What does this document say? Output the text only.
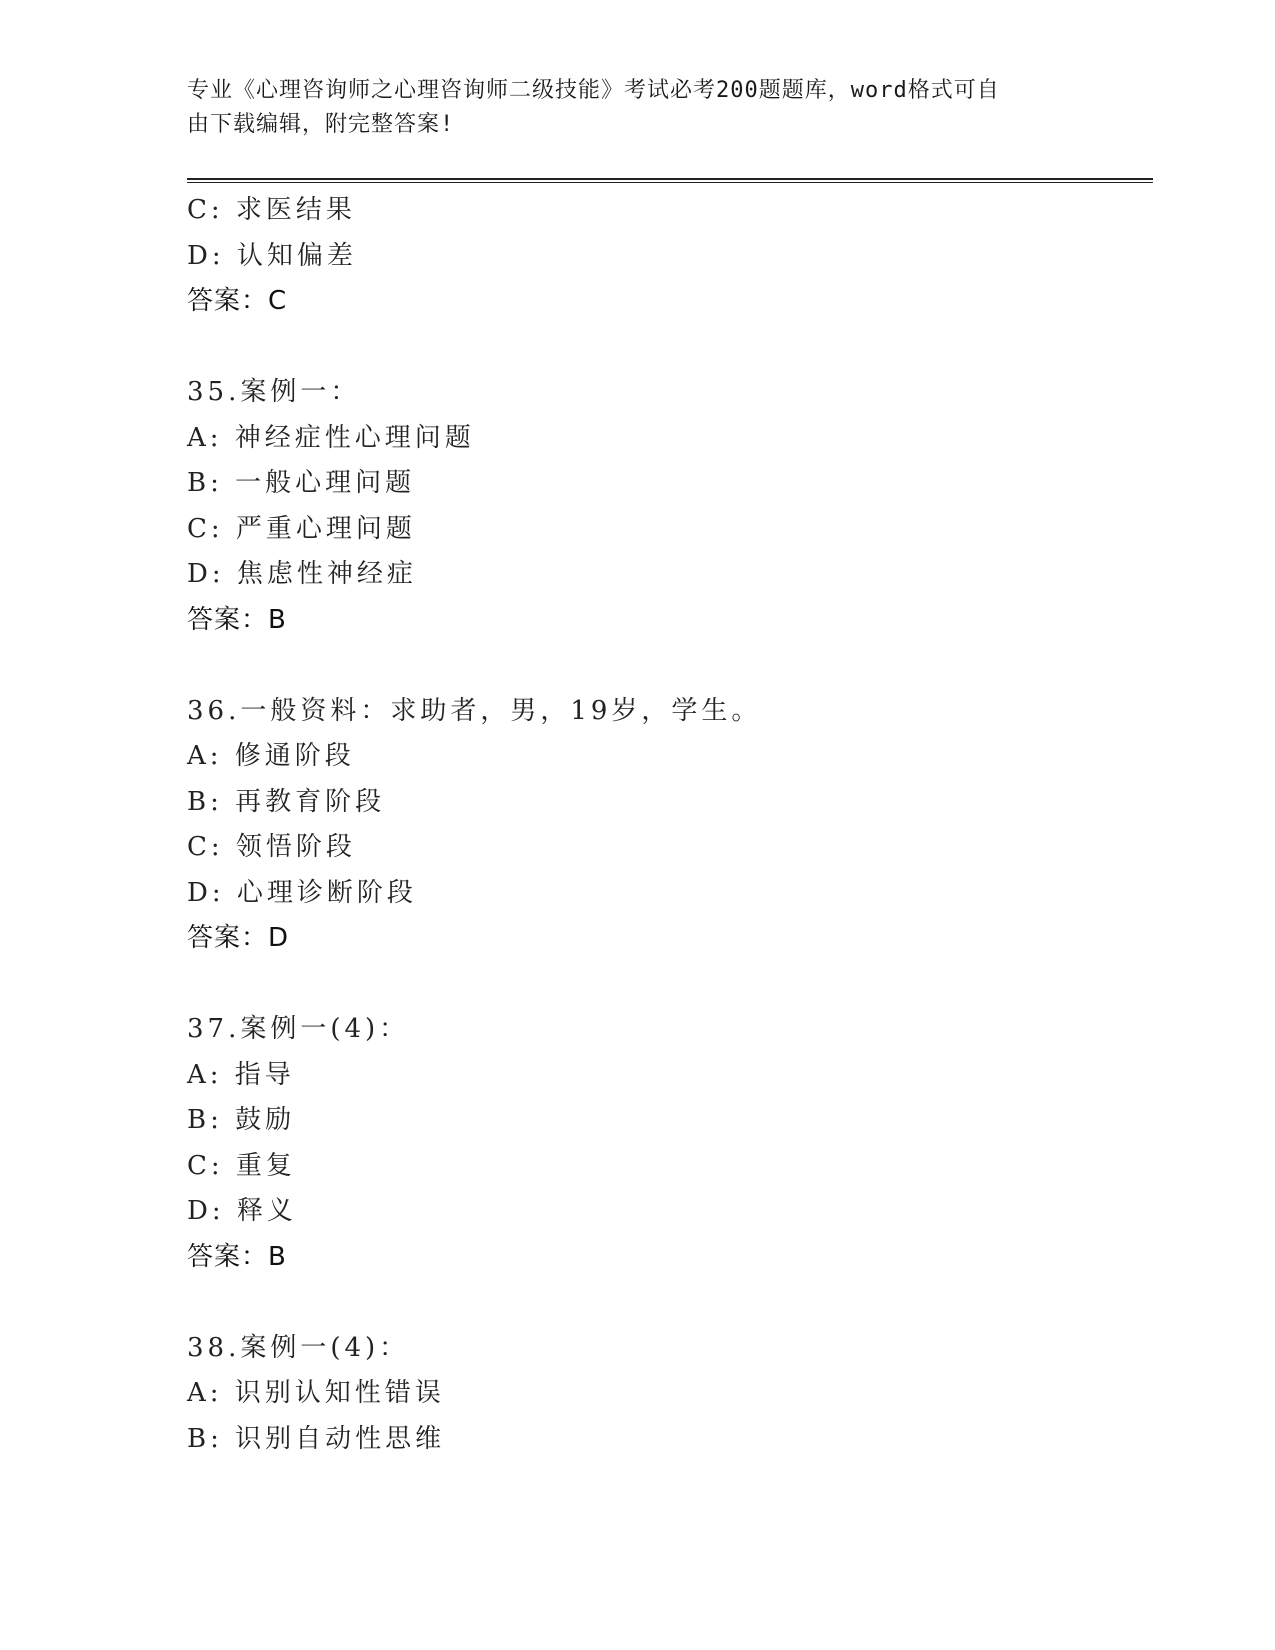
专业《心理咨询师之心理咨询师二级技能》考试必考200题题库，word格式可自
由下载编辑，附完整答案!
C: 求医结果
D: 认知偏差
答案：C
35.案例一：
A: 神经症性心理问题
B: 一般心理问题
C: 严重心理问题
D: 焦虑性神经症
答案：B
36.一般资料：求助者，男，19岁，学生。
A: 修通阶段
B: 再教育阶段
C: 领悟阶段
D: 心理诊断阶段
答案：D
37.案例一(4)：
A: 指导
B: 鼓励
C: 重复
D: 释义
答案：B
38.案例一(4)：
A: 识别认知性错误
B: 识别自动性思维
